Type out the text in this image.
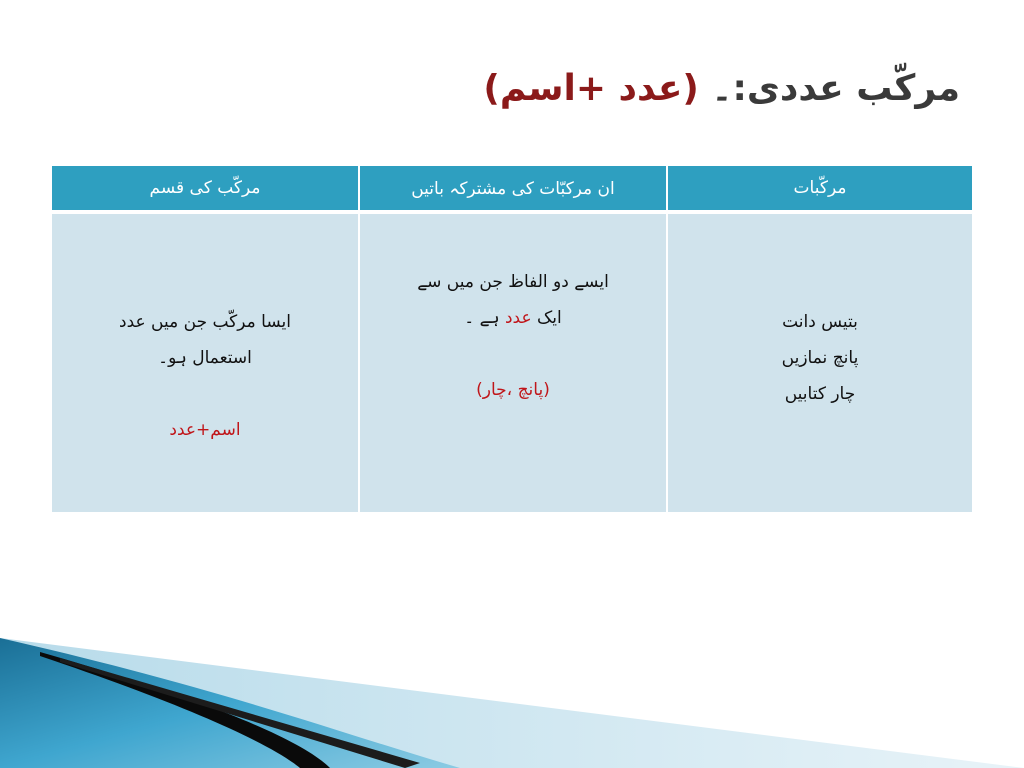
مرکّب عددی:۔ (عدد +اسم)
مرکّبات
ان مرکبّات کی مشترکہ باتیں
مرکّب کی قسم
بتیس دانت
پانچ نمازیں
چار کتابیں
ایسے دو الفاظ جن میں سے
ایک عدد ہے ۔
(پانچ ،چار)
ایسا مرکّب جن میں عدد
استعمال ہو۔
اسم+عدد
